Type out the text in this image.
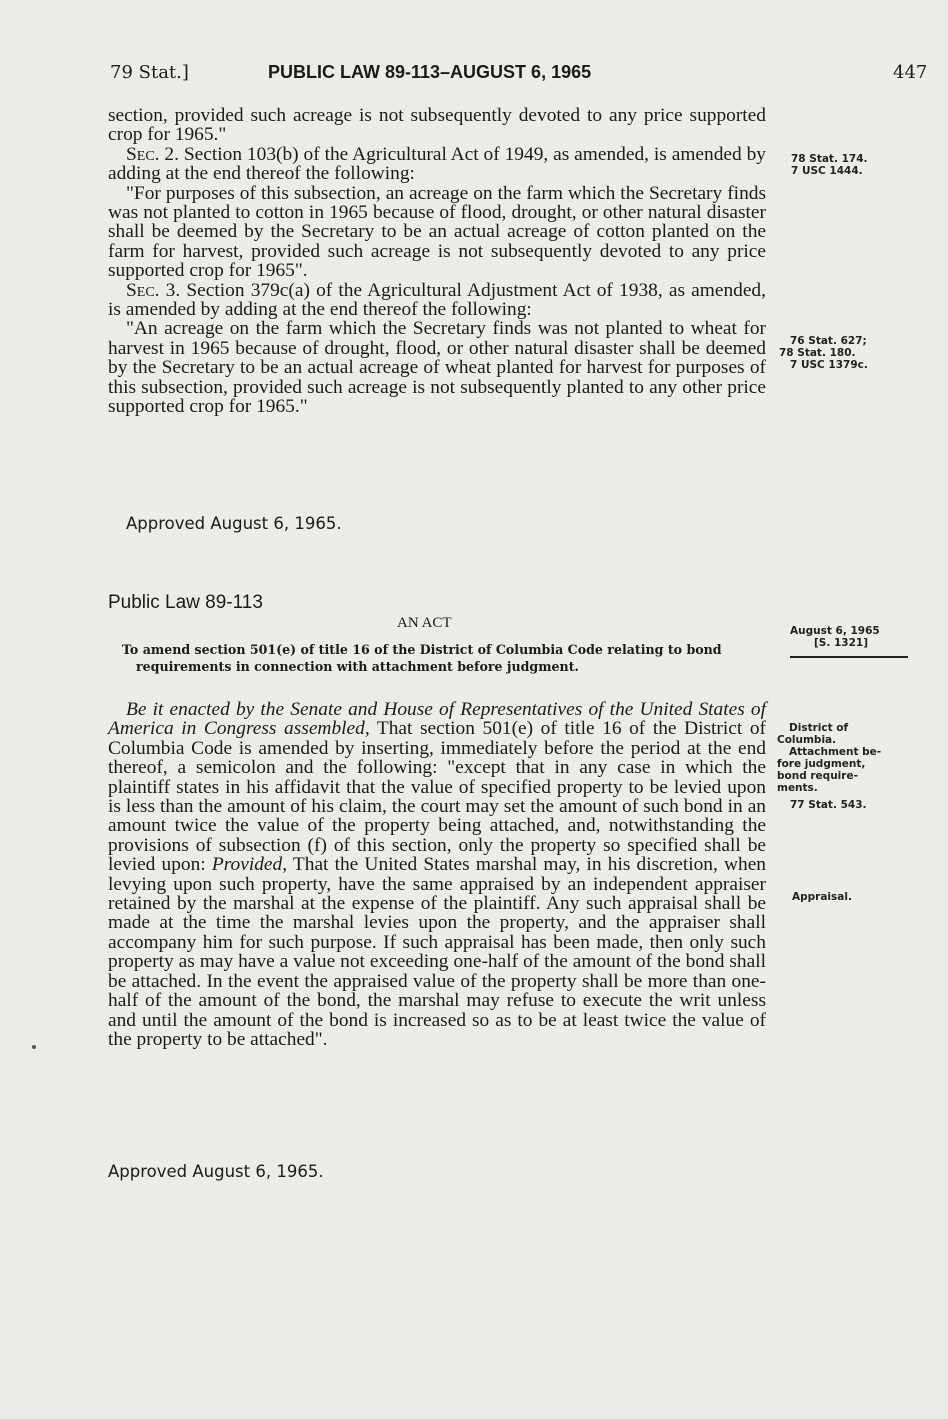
79 Stat.]	PUBLIC LAW 89-113–AUGUST 6, 1965	447

section, provided such acreage is not subsequently devoted to any price supported crop for 1965."

Sec. 2. Section 103(b) of the Agricultural Act of 1949, as amended, is amended by adding at the end thereof the following:

"For purposes of this subsection, an acreage on the farm which the Secretary finds was not planted to cotton in 1965 because of flood, drought, or other natural disaster shall be deemed by the Secretary to be an actual acreage of cotton planted on the farm for harvest, provided such acreage is not subsequently devoted to any price supported crop for 1965".

Sec. 3. Section 379c(a) of the Agricultural Adjustment Act of 1938, as amended, is amended by adding at the end thereof the following:

"An acreage on the farm which the Secretary finds was not planted to wheat for harvest in 1965 because of drought, flood, or other natural disaster shall be deemed by the Secretary to be an actual acreage of wheat planted for harvest for purposes of this subsection, provided such acreage is not subsequently planted to any other price supported crop for 1965."

Approved August 6, 1965.
Public Law 89-113
AN ACT
To amend section 501(e) of title 16 of the District of Columbia Code relating to bond requirements in connection with attachment before judgment.

Be it enacted by the Senate and House of Representatives of the United States of America in Congress assembled, That section 501(e) of title 16 of the District of Columbia Code is amended by inserting, immediately before the period at the end thereof, a semicolon and the following: "except that in any case in which the plaintiff states in his affidavit that the value of specified property to be levied upon is less than the amount of his claim, the court may set the amount of such bond in an amount twice the value of the property being attached, and, notwithstanding the provisions of subsection (f) of this section, only the property so specified shall be levied upon: Provided, That the United States marshal may, in his discretion, when levying upon such property, have the same appraised by an independent appraiser retained by the marshal at the expense of the plaintiff. Any such appraisal shall be made at the time the marshal levies upon the property, and the appraiser shall accompany him for such purpose. If such appraisal has been made, then only such property as may have a value not exceeding one-half of the amount of the bond shall be attached. In the event the appraised value of the property shall be more than one-half of the amount of the bond, the marshal may refuse to execute the writ unless and until the amount of the bond is increased so as to be at least twice the value of the property to be attached".

Approved August 6, 1965.
78 Stat. 174.
7 USC 1444.
76 Stat. 627;
78 Stat. 180.
7 USC 1379c.
August 6, 1965
[S. 1321]
District of
Columbia.
Attachment be-
fore judgment,
bond require-
ments.
77 Stat. 543.
Appraisal.
